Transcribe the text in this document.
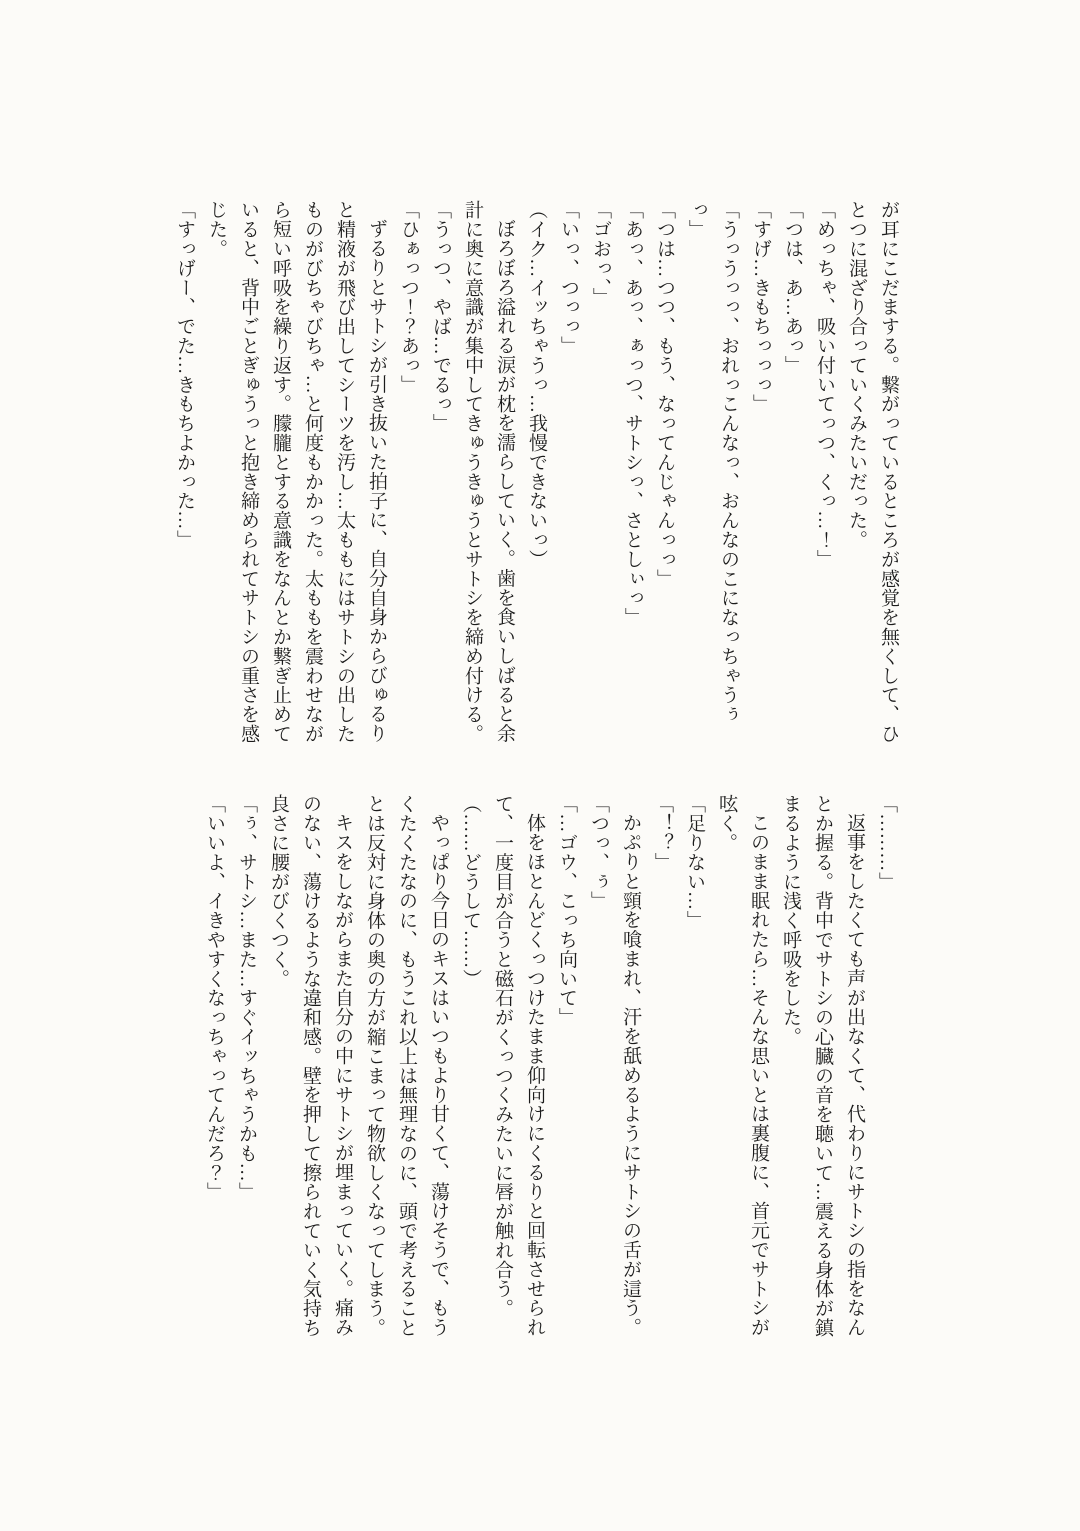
が耳にこだまする。繋がっているところが感覚を無くして、ひ

とつに混ざり合っていくみたいだった。

「めっちゃ、吸い付いてっつ、くっ…！」

「つは、あ…あっ」

「すげ…きもちっっっ」

「うっうっっ、おれっこんなっ、おんなのこになっちゃうぅっ」

「つは…つつ、もう、なってんじゃんっっ」

「あっ、あっ、ぁっつ、サトシっ、さとしぃっ」

「ゴおっ、」

「いっ、つっっ」

（イク…イッちゃうっ…我慢できないっ）

ぼろぼろ溢れる涙が枕を濡らしていく。歯を食いしばると余

計に奥に意識が集中してきゅうきゅうとサトシを締め付ける。

「うっつ、やば…でるっ」

「ひぁっつ！？あっ」

ずるりとサトシが引き抜いた拍子に、自分自身からびゅるり

と精液が飛び出してシーツを汚し…太ももにはサトシの出した

ものがびちゃびちゃ…と何度もかかった。太ももを震わせなが

ら短い呼吸を繰り返す。朦朧とする意識をなんとか繋ぎ止めて

いると、背中ごとぎゅうっと抱き締められてサトシの重さを感

じた。

「すっげー、でた…きもちよかった…」

「………」

返事をしたくても声が出なくて、代わりにサトシの指をなん

とか握る。背中でサトシの心臓の音を聴いて…震える身体が鎮

まるように浅く呼吸をした。

このまま眠れたら…そんな思いとは裏腹に、首元でサトシが

呟く。

「足りない…」

「！？」

かぷりと頸を喰まれ、汗を舐めるようにサトシの舌が這う。

「つっ、ぅ」

「…ゴウ、こっち向いて」

体をほとんどくっつけたまま仰向けにくるりと回転させられ

て、一度目が合うと磁石がくっつくみたいに唇が触れ合う。

（……どうして……）

やっぱり今日のキスはいつもより甘くて、蕩けそうで、もう

くたくたなのに、もうこれ以上は無理なのに、頭で考えること

とは反対に身体の奥の方が縮こまって物欲しくなってしまう。

キスをしながらまた自分の中にサトシが埋まっていく。痛み

のない、蕩けるような違和感。壁を押して擦られていく気持ち

良さに腰がびくつく。

「ぅ、サトシ…また…すぐイッちゃうかも…」

「いいよ、イきやすくなっちゃってんだろ？」
